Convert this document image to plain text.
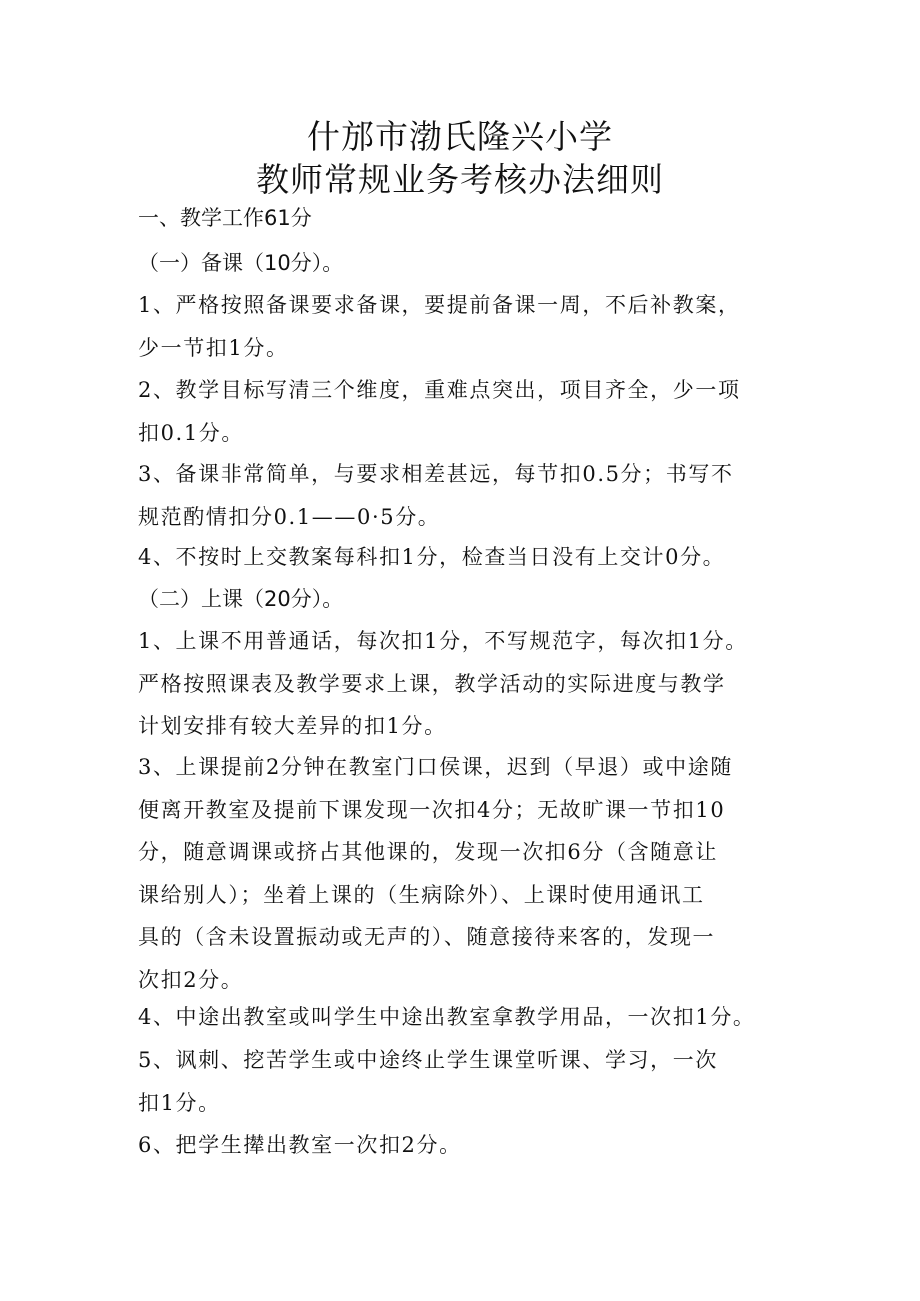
什邡市渤氏隆兴小学
教师常规业务考核办法细则
一、教学工作61分
（一）备课（10分）。
1、严格按照备课要求备课，要提前备课一周，不后补教案，
少一节扣1分。
2、教学目标写清三个维度，重难点突出，项目齐全，少一项
扣0.1分。
3、备课非常简单，与要求相差甚远，每节扣0.5分；书写不
规范酌情扣分0.1——0·5分。
4、不按时上交教案每科扣1分，检查当日没有上交计0分。
（二）上课（20分）。
1、上课不用普通话，每次扣1分，不写规范字，每次扣1分。
严格按照课表及教学要求上课，教学活动的实际进度与教学
计划安排有较大差异的扣1分。
3、上课提前2分钟在教室门口侯课，迟到（早退）或中途随
便离开教室及提前下课发现一次扣4分；无故旷课一节扣10
分，随意调课或挤占其他课的，发现一次扣6分（含随意让
课给别人）；坐着上课的（生病除外）、上课时使用通讯工
具的（含未设置振动或无声的）、随意接待来客的，发现一
次扣2分。
4、中途出教室或叫学生中途出教室拿教学用品，一次扣1分。
5、讽刺、挖苦学生或中途终止学生课堂听课、学习，一次
扣1分。
6、把学生撵出教室一次扣2分。
